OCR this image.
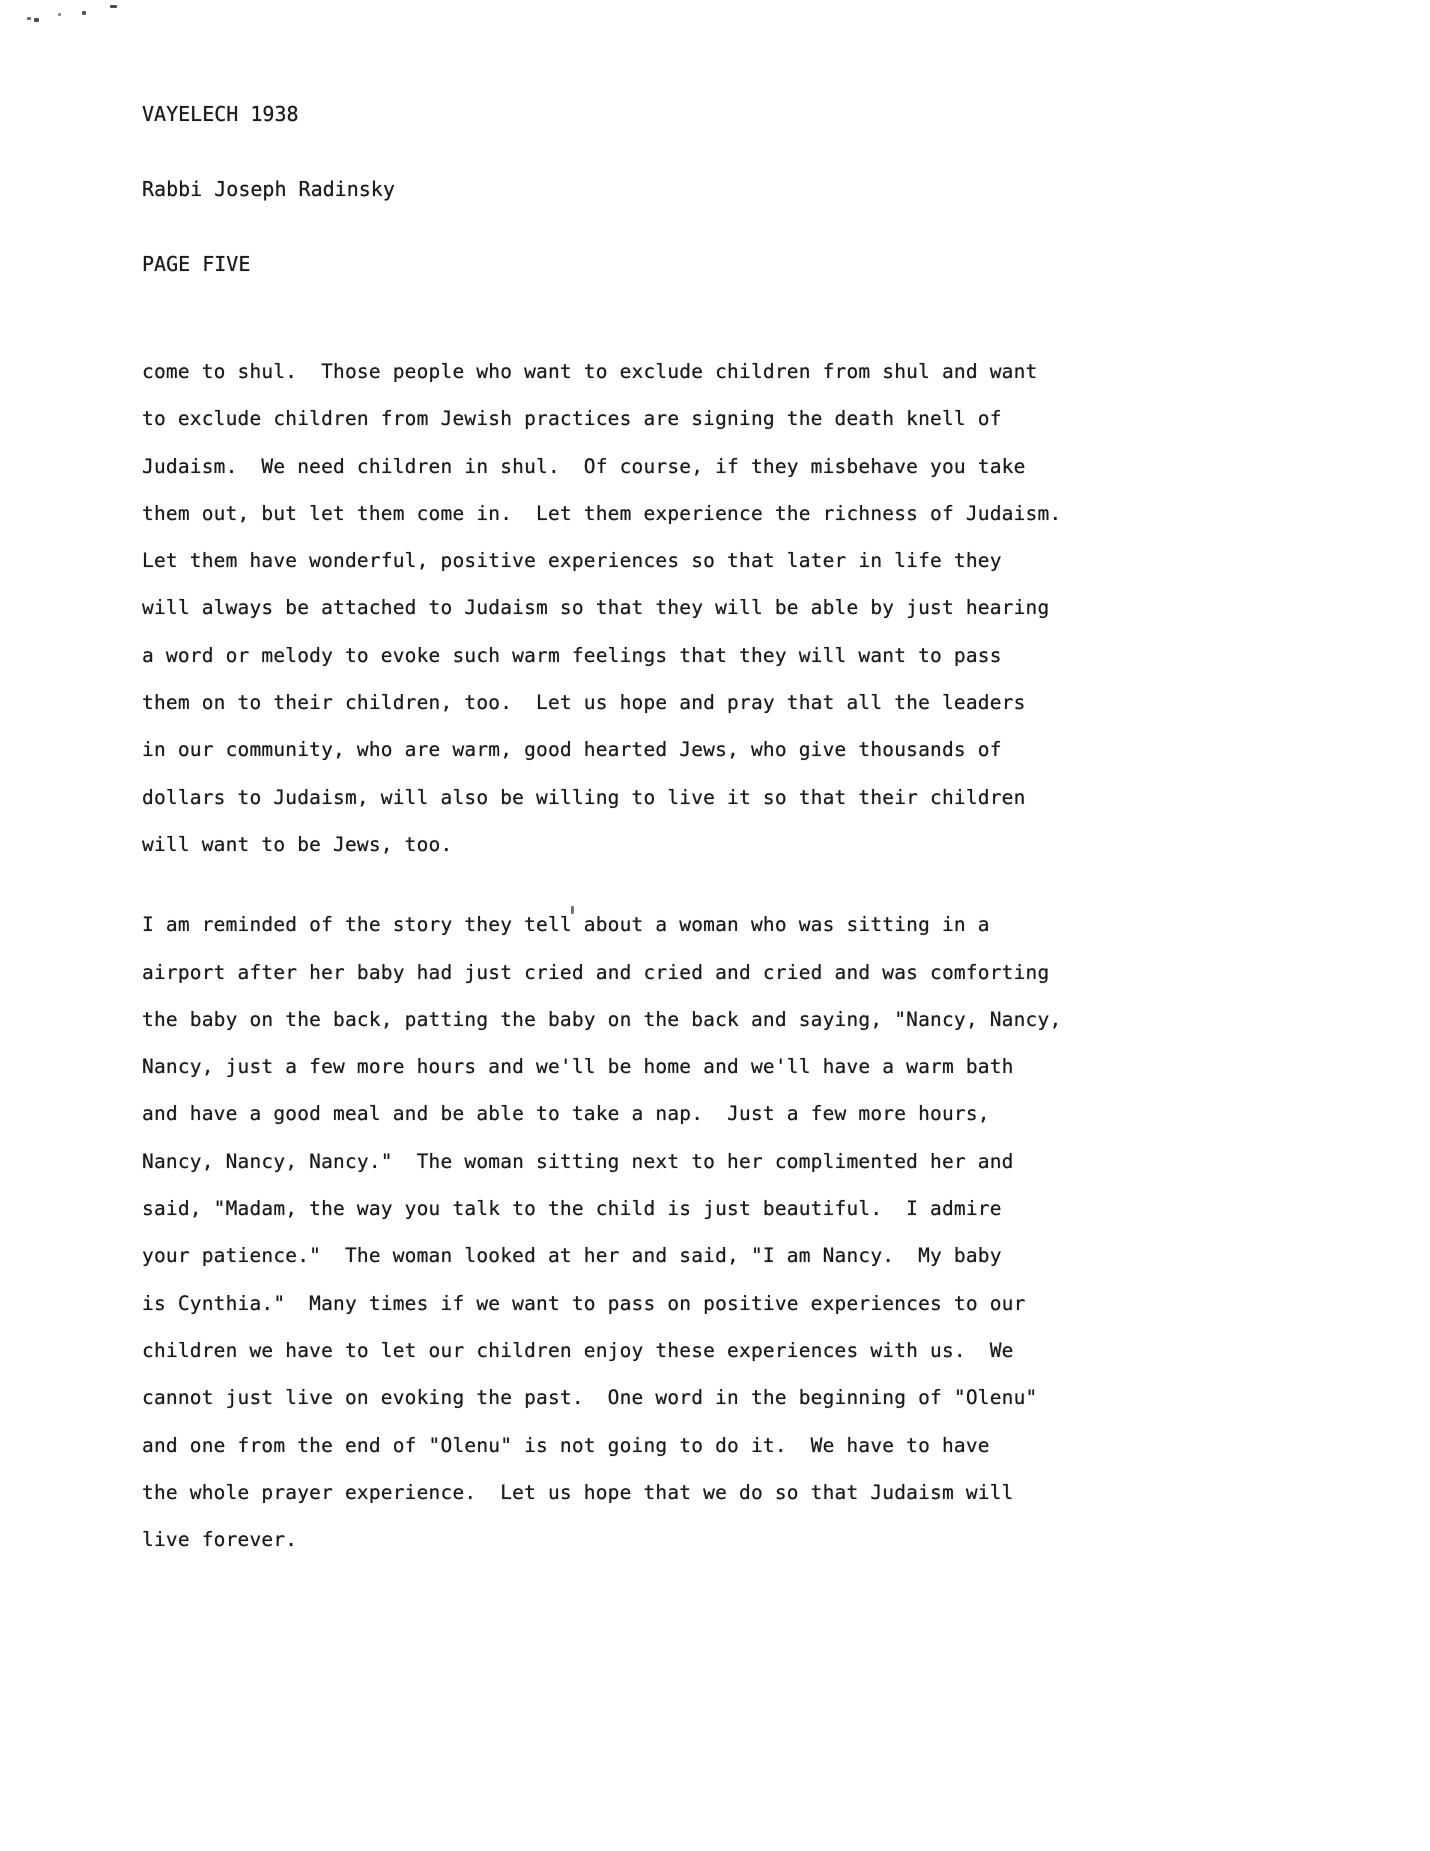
VAYELECH 1938

Rabbi Joseph Radinsky

PAGE FIVE

come to shul.  Those people who want to exclude children from shul and want
to exclude children from Jewish practices are signing the death knell of
Judaism.  We need children in shul.  Of course, if they misbehave you take
them out, but let them come in.  Let them experience the richness of Judaism.
Let them have wonderful, positive experiences so that later in life they
will always be attached to Judaism so that they will be able by just hearing
a word or melody to evoke such warm feelings that they will want to pass
them on to their children, too.  Let us hope and pray that all the leaders
in our community, who are warm, good hearted Jews, who give thousands of
dollars to Judaism, will also be willing to live it so that their children
will want to be Jews, too.
I am reminded of the story they tell about a woman who was sitting in a
airport after her baby had just cried and cried and cried and was comforting
the baby on the back, patting the baby on the back and saying, "Nancy, Nancy,
Nancy, just a few more hours and we'll be home and we'll have a warm bath
and have a good meal and be able to take a nap.  Just a few more hours,
Nancy, Nancy, Nancy."  The woman sitting next to her complimented her and
said, "Madam, the way you talk to the child is just beautiful.  I admire
your patience."  The woman looked at her and said, "I am Nancy.  My baby
is Cynthia."  Many times if we want to pass on positive experiences to our
children we have to let our children enjoy these experiences with us.  We
cannot just live on evoking the past.  One word in the beginning of "Olenu"
and one from the end of "Olenu" is not going to do it.  We have to have
the whole prayer experience.  Let us hope that we do so that Judaism will
live forever.
